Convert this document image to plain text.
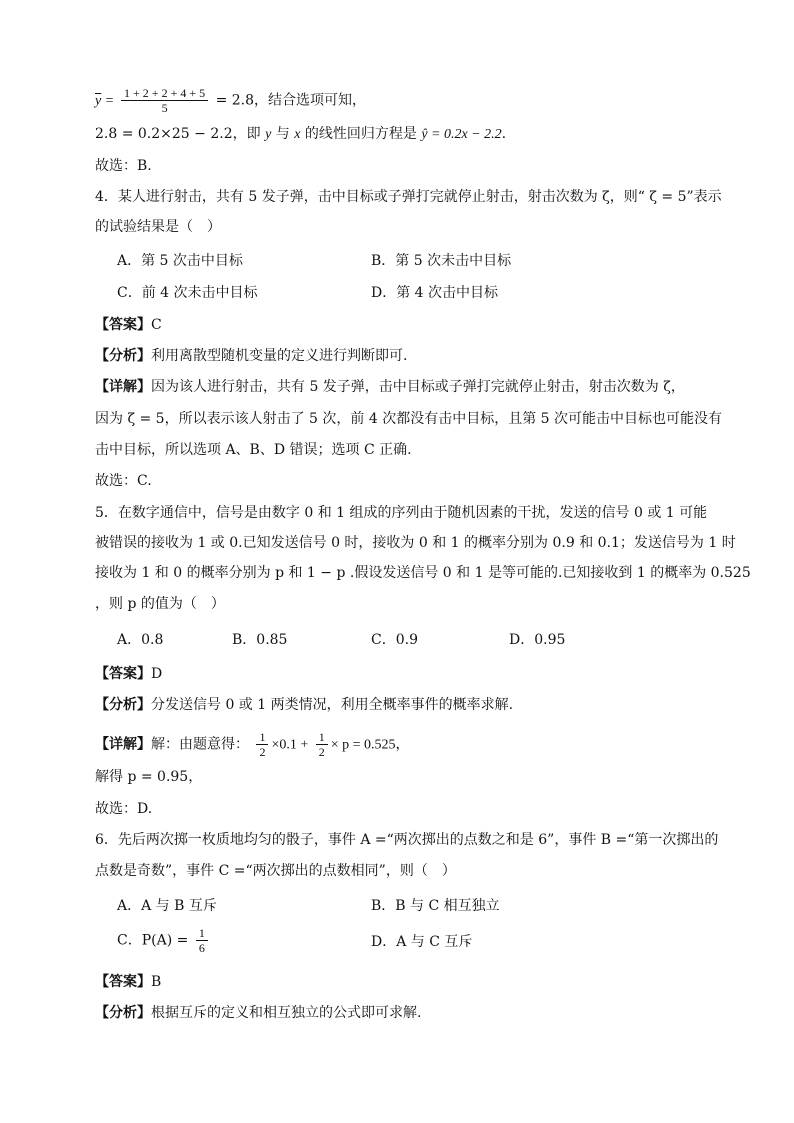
$\overline{y} = \frac{1 + 2 + 2 + 4 + 5}{5} = 2.8$，结合选项可知，
2.8 = 0.2×25 − 2.2，即 y 与 x 的线性回归方程是 ŷ = 0.2x − 2.2.
故选：B.
4．某人进行射击，共有 5 发子弹，击中目标或子弹打完就停止射击，射击次数为 ζ，则“ ζ = 5”表示
的试验结果是（　）
A．第 5 次击中目标	B．第 5 次未击中目标
C．前 4 次未击中目标	D．第 4 次击中目标
【答案】C
【分析】利用离散型随机变量的定义进行判断即可.
【详解】因为该人进行射击，共有 5 发子弹，击中目标或子弹打完就停止射击，射击次数为 ζ，
因为 ζ = 5，所以表示该人射击了 5 次，前 4 次都没有击中目标，且第 5 次可能击中目标也可能没有
击中目标，所以选项 A、B、D 错误；选项 C 正确.
故选：C.
5．在数字通信中，信号是由数字 0 和 1 组成的序列由于随机因素的干扰，发送的信号 0 或 1 可能
被错误的接收为 1 或 0.已知发送信号 0 时，接收为 0 和 1 的概率分别为 0.9 和 0.1；发送信号为 1 时
接收为 1 和 0 的概率分别为 p 和 1 − p .假设发送信号 0 和 1 是等可能的.已知接收到 1 的概率为 0.525
，则 p 的值为（　）
A．0.8	B．0.85	C．0.9	D．0.95
【答案】D
【分析】分发送信号 0 或 1 两类情况，利用全概率事件的概率求解.
【详解】解：由题意得： $\frac{1}{2} \times 0.1 + \frac{1}{2} \times p = 0.525$，
解得 p = 0.95，
故选：D.
6．先后两次掷一枚质地均匀的骰子，事件 A =“两次掷出的点数之和是 6”，事件 B =“第一次掷出的
点数是奇数”，事件 C =“两次掷出的点数相同”，则（　）
A．A 与 B 互斥	B．B 与 C 相互独立
C．$P(A) = \frac{1}{6}$	D．A 与 C 互斥
【答案】B
【分析】根据互斥的定义和相互独立的公式即可求解.
